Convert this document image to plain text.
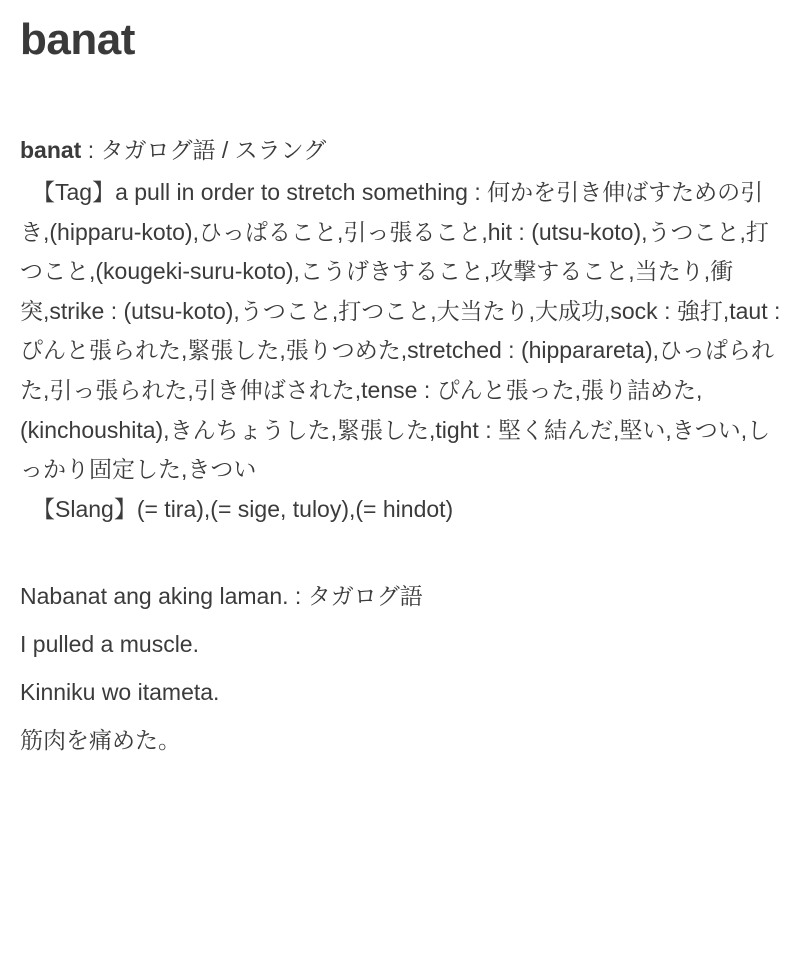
banat
banat : タガログ語 / スラング
【Tag】a pull in order to stretch something : 何かを引き伸ばすための引き,(hipparu-koto),ひっぱること,引っ張ること,hit : (utsu-koto),うつこと,打つこと,(kougeki-suru-koto),こうげきすること,攻撃すること,当たり,衝突,strike : (utsu-koto),うつこと,打つこと,大当たり,大成功,sock : 強打,taut : ぴんと張られた,緊張した,張りつめた,stretched : (hipparareta),ひっぱられた,引っ張られた,引き伸ばされた,tense : ぴんと張った,張り詰めた,(kinchoushita),きんちょうした,緊張した,tight : 堅く結んだ,堅い,きつい,しっかり固定した,きつい
【Slang】(= tira),(= sige, tuloy),(= hindot)
Nabanat ang aking laman. : タガログ語
I pulled a muscle.
Kinniku wo itameta.
筋肉を痛めた。
